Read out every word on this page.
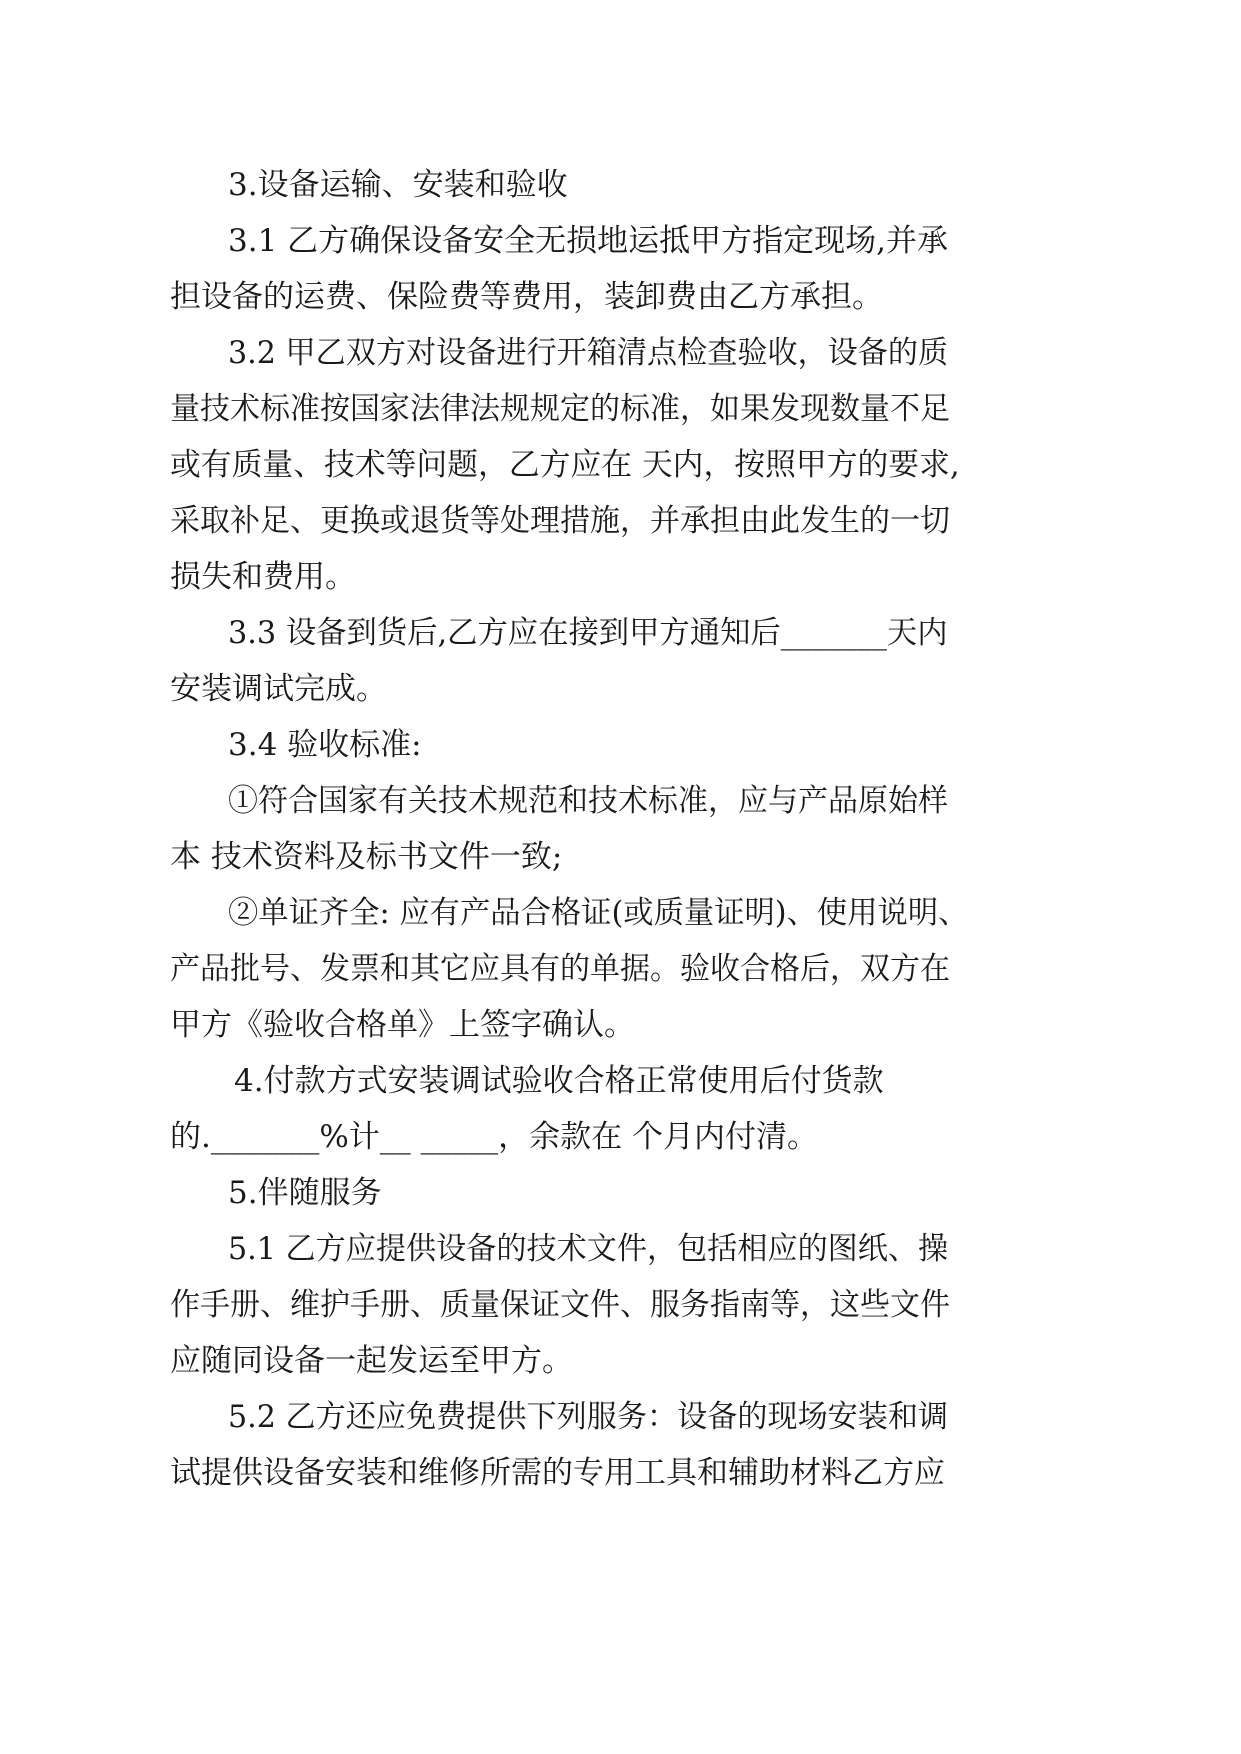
3.设备运输、安装和验收
3.1 乙方确保设备安全无损地运抵甲方指定现场,并承
担设备的运费、保险费等费用，装卸费由乙方承担。
3.2 甲乙双方对设备进行开箱清点检查验收，设备的质
量技术标准按国家法律法规规定的标准，如果发现数量不足
或有质量、技术等问题，乙方应在 天内，按照甲方的要求,
采取补足、更换或退货等处理措施，并承担由此发生的一切
损失和费用。
3.3 设备到货后,乙方应在接到甲方通知后_______天内
安装调试完成。
3.4 验收标准:
①符合国家有关技术规范和技术标准，应与产品原始样
本 技术资料及标书文件一致;
②单证齐全: 应有产品合格证(或质量证明)、使用说明、
产品批号、发票和其它应具有的单据。验收合格后，双方在
甲方《验收合格单》上签字确认。
4.付款方式安装调试验收合格正常使用后付货款
的._______%计__ _____，余款在 个月内付清。
5.伴随服务
5.1 乙方应提供设备的技术文件，包括相应的图纸、操
作手册、维护手册、质量保证文件、服务指南等，这些文件
应随同设备一起发运至甲方。
5.2 乙方还应免费提供下列服务：设备的现场安装和调
试提供设备安装和维修所需的专用工具和辅助材料乙方应
